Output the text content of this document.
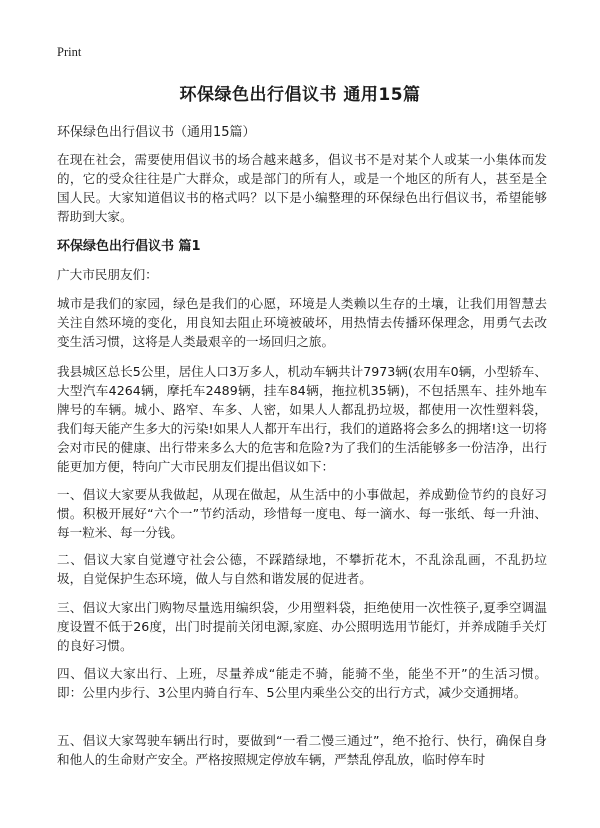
Print
环保绿色出行倡议书 通用15篇

环保绿色出行倡议书（通用15篇）

在现在社会，需要使用倡议书的场合越来越多，倡议书不是对某个人或某一小集体而发的，它的受众往往是广大群众，或是部门的所有人，或是一个地区的所有人，甚至是全国人民。大家知道倡议书的格式吗？以下是小编整理的环保绿色出行倡议书，希望能够帮助到大家。

环保绿色出行倡议书 篇1

广大市民朋友们：

城市是我们的家园，绿色是我们的心愿，环境是人类赖以生存的土壤，让我们用智慧去关注自然环境的变化，用良知去阻止环境被破坏，用热情去传播环保理念，用勇气去改变生活习惯，这将是人类最艰辛的一场回归之旅。

我县城区总长5公里，居住人口3万多人，机动车辆共计7973辆(农用车0辆，小型轿车、大型汽车4264辆，摩托车2489辆，挂车84辆，拖拉机35辆)，不包括黑车、挂外地车牌号的车辆。城小、路窄、车多、人密，如果人人都乱扔垃圾，都使用一次性塑料袋，我们每天能产生多大的污染!如果人人都开车出行，我们的道路将会多么的拥堵!这一切将会对市民的健康、出行带来多么大的危害和危险?为了我们的生活能够多一份洁净，出行能更加方便，特向广大市民朋友们提出倡议如下：

一、倡议大家要从我做起，从现在做起，从生活中的小事做起，养成勤俭节约的良好习惯。积极开展好“六个一”节约活动，珍惜每一度电、每一滴水、每一张纸、每一升油、每一粒米、每一分钱。

二、倡议大家自觉遵守社会公德，不踩踏绿地，不攀折花木，不乱涂乱画，不乱扔垃圾，自觉保护生态环境，做人与自然和谐发展的促进者。

三、倡议大家出门购物尽量选用编织袋，少用塑料袋，拒绝使用一次性筷子,夏季空调温度设置不低于26度，出门时提前关闭电源,家庭、办公照明选用节能灯，并养成随手关灯的良好习惯。

四、倡议大家出行、上班，尽量养成“能走不骑，能骑不坐，能坐不开”的生活习惯。即：公里内步行、3公里内骑自行车、5公里内乘坐公交的出行方式，减少交通拥堵。

五、倡议大家驾驶车辆出行时，要做到“一看二慢三通过”，绝不抢行、快行，确保自身和他人的生命财产安全。严格按照规定停放车辆，严禁乱停乱放，临时停车时
